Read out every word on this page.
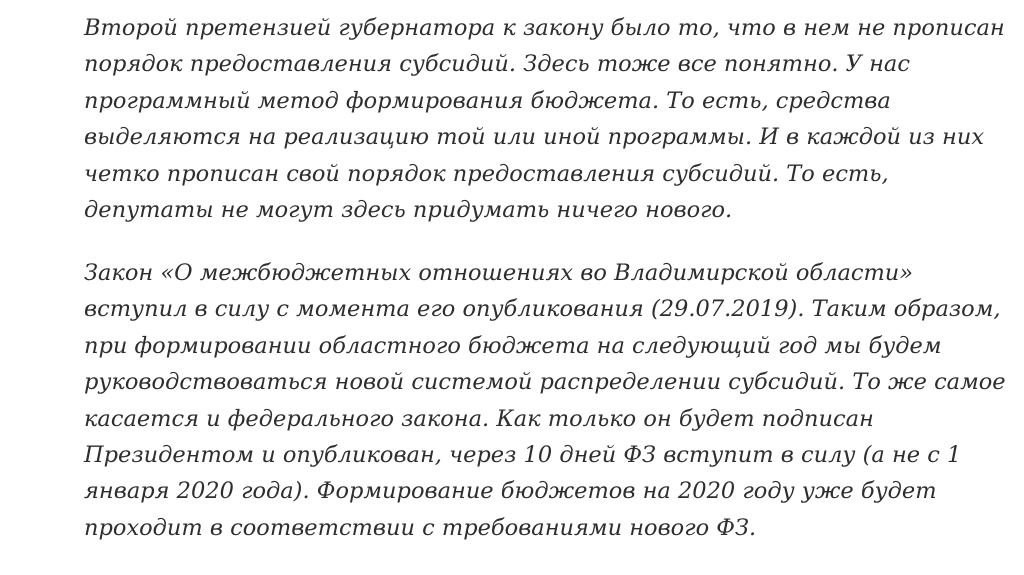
Второй претензией губернатора к закону было то, что в нем не прописан
порядок предоставления субсидий. Здесь тоже все понятно. У нас
программный метод формирования бюджета. То есть, средства
выделяются на реализацию той или иной программы. И в каждой из них
четко прописан свой порядок предоставления субсидий. То есть,
депутаты не могут здесь придумать ничего нового.

Закон «О межбюджетных отношениях во Владимирской области»
вступил в силу с момента его опубликования (29.07.2019). Таким образом,
при формировании областного бюджета на следующий год мы будем
руководствоваться новой системой распределении субсидий. То же самое
касается и федерального закона. Как только он будет подписан
Президентом и опубликован, через 10 дней ФЗ вступит в силу (а не с 1
января 2020 года). Формирование бюджетов на 2020 году уже будет
проходит в соответствии с требованиями нового ФЗ.
